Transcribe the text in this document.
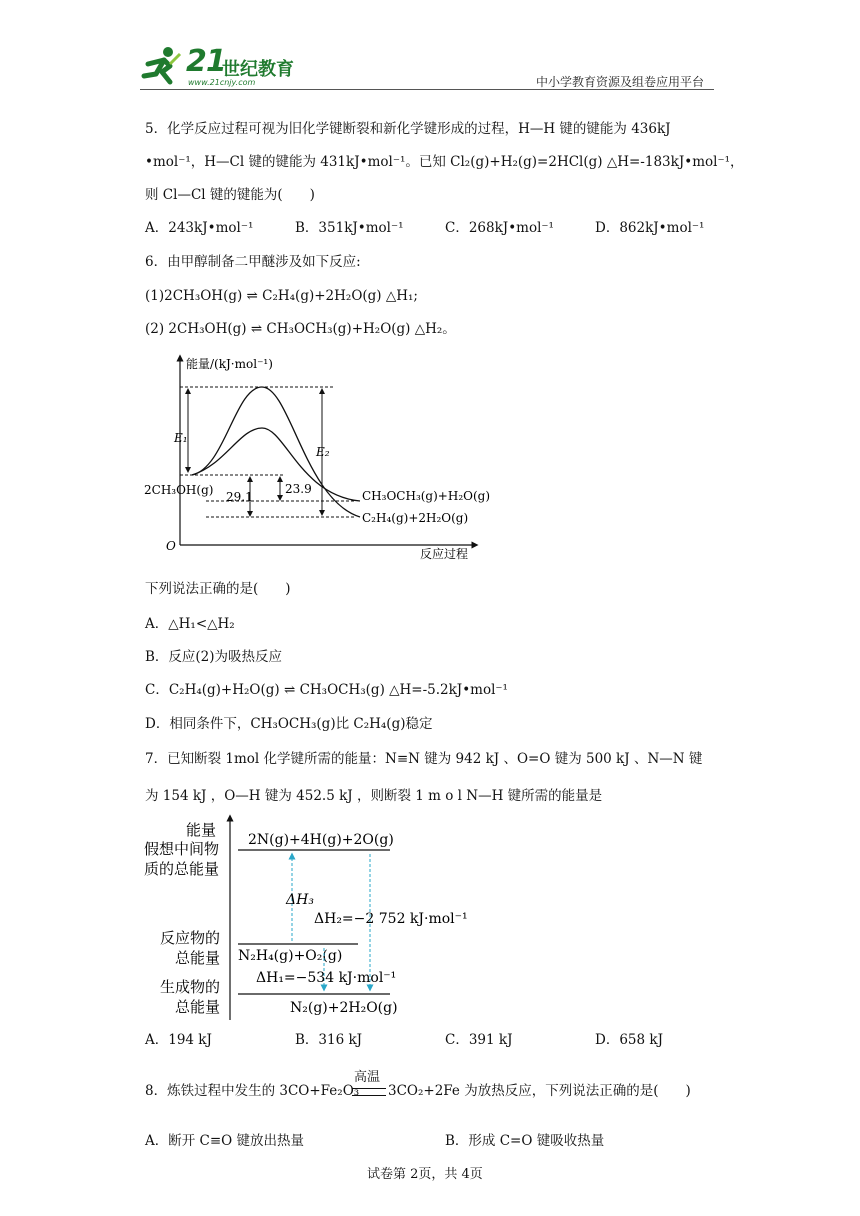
21
世纪教育
www.21cnjy.com	中小学教育资源及组卷应用平台
5．化学反应过程可视为旧化学键断裂和新化学键形成的过程，H—H 键的键能为 436kJ
•mol⁻¹，H—Cl 键的键能为 431kJ•mol⁻¹。已知 Cl₂(g)+H₂(g)=2HCl(g) △H=-183kJ•mol⁻¹，
则 Cl—Cl 键的键能为(　　)
A．243kJ•mol⁻¹	B．351kJ•mol⁻¹	C．268kJ•mol⁻¹	D．862kJ•mol⁻¹
6．由甲醇制备二甲醚涉及如下反应:
(1)2CH₃OH(g) ⇌ C₂H₄(g)+2H₂O(g) △H₁;
(2) 2CH₃OH(g) ⇌ CH₃OCH₃(g)+H₂O(g) △H₂。
能量/(kJ·mol⁻¹)
反应过程
O
E₁
E₂
2CH₃OH(g) 29.1
23.9	CH₃OCH₃(g)+H₂O(g)
C₂H₄(g)+2H₂O(g)
下列说法正确的是(　　)
A．△H₁<△H₂
B．反应(2)为吸热反应
C．C₂H₄(g)+H₂O(g) ⇌ CH₃OCH₃(g) △H=-5.2kJ•mol⁻¹
D．相同条件下，CH₃OCH₃(g)比 C₂H₄(g)稳定
7．已知断裂 1mol 化学键所需的能量：N≡N 键为 942 kJ 、O=O 键为 500 kJ 、N—N 键
为 154 kJ ，O—H 键为 452.5 kJ ，则断裂 1 m o l N—H 键所需的能量是
能量
假想中间物
质的总能量
反应物的
总能量
生成物的
总能量
2N(g)+4H(g)+2O(g)
N₂H₄(g)+O₂(g)
N₂(g)+2H₂O(g)
ΔH₃
ΔH₂=−2 752 kJ·mol⁻¹
ΔH₁=−534 kJ·mol⁻¹
A．194 kJ	B．316 kJ	C．391 kJ	D．658 kJ
8．炼铁过程中发生的 3CO+Fe₂O₃
高温
3CO₂+2Fe 为放热反应，下列说法正确的是(　　)
A．断开 C≡O 键放出热量	B．形成 C=O 键吸收热量
试卷第 2页，共 4页
